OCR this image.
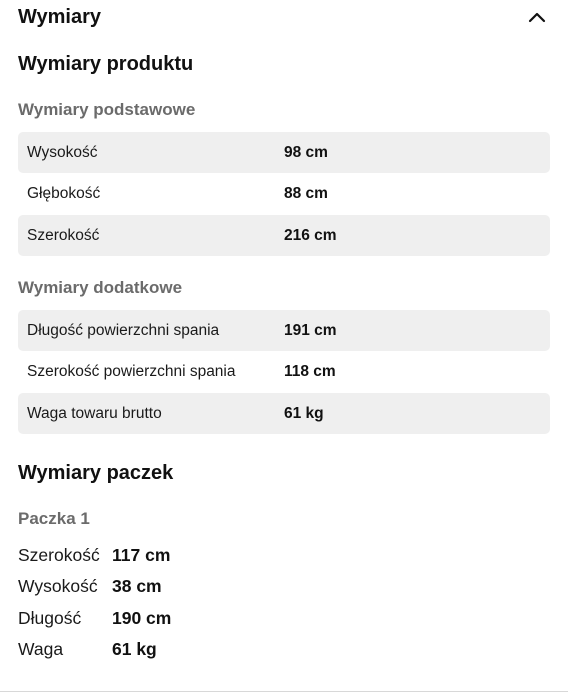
Wymiary
Wymiary produktu
Wymiary podstawowe
Wysokość	98 cm
Głębokość	88 cm
Szerokość	216 cm
Wymiary dodatkowe
Długość powierzchni spania	191 cm
Szerokość powierzchni spania	118 cm
Waga towaru brutto	61 kg
Wymiary paczek
Paczka 1
Szerokość 117 cm
Wysokość 38 cm
Długość	190 cm
Waga	61 kg
